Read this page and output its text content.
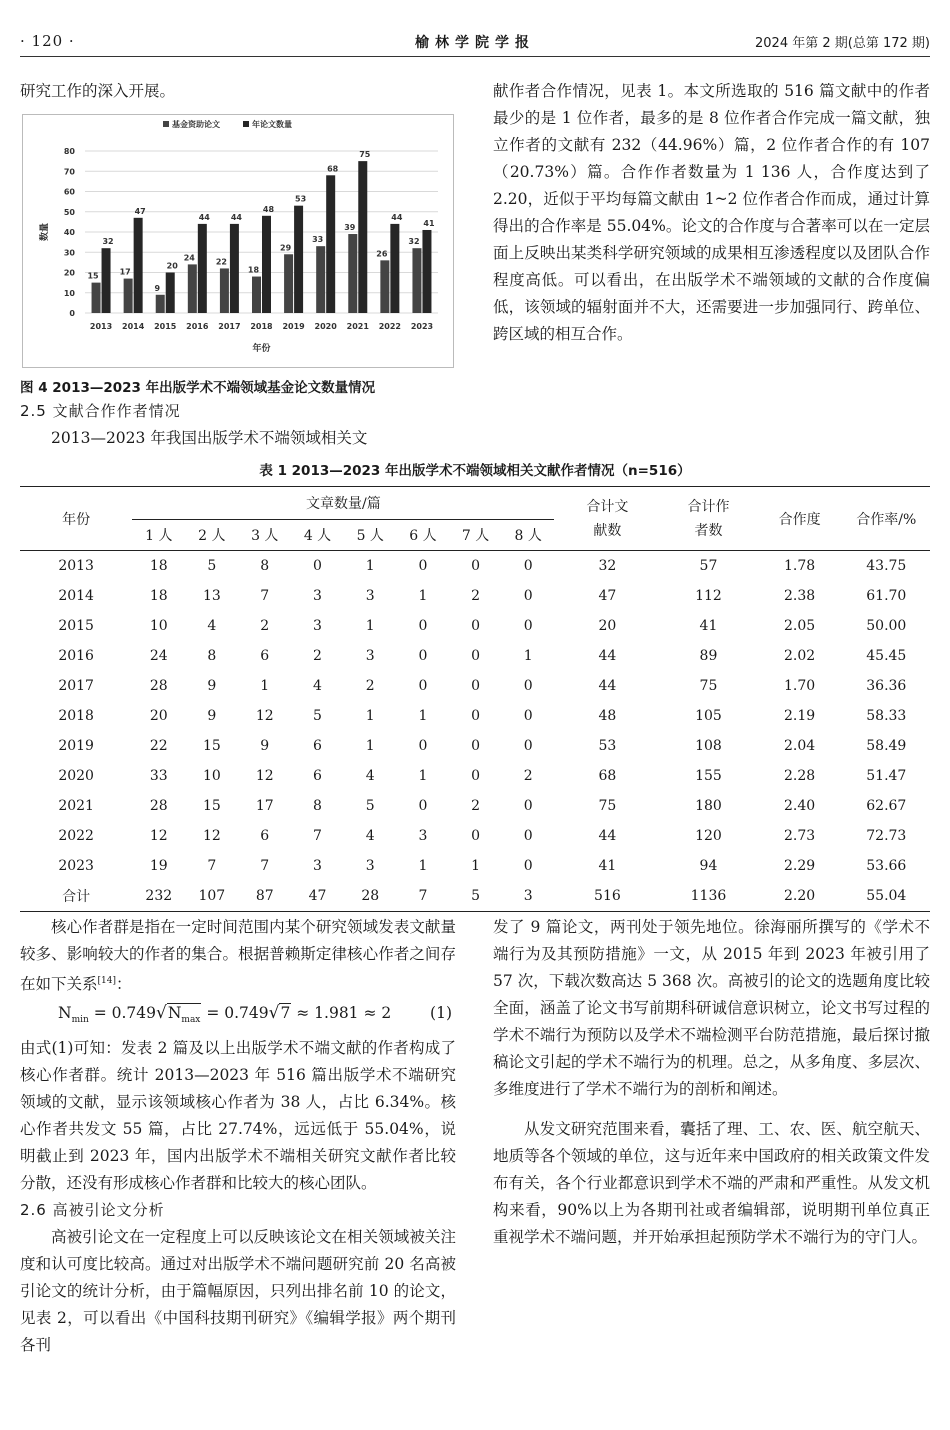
· 120 ·	榆林学院学报	2024 年第 2 期(总第 172 期)

研究工作的深入开展。

0
10
20
30
40
50
60
70
80
基金资助论文	年论文数量
数量
年份
15
32
2013
17
47
2014
9
20
2015
24
44
2016
22
44
2017
18
48
2018
29
53
2019
33
68
2020
39
75
2021
26
44
2022
32
41
2023
图 4 2013—2023 年出版学术不端领域基金论文数量情况

2.5 文献合作作者情况

2013—2023 年我国出版学术不端领域相关文

献作者合作情况，见表 1。本文所选取的 516 篇文献中的作者最少的是 1 位作者，最多的是 8 位作者合作完成一篇文献，独立作者的文献有 232（44.96%）篇，2 位作者合作的有 107（20.73%）篇。合作作者数量为 1 136 人，合作度达到了 2.20，近似于平均每篇文献由 1~2 位作者合作而成，通过计算得出的合作率是 55.04%。论文的合作度与合著率可以在一定层面上反映出某类科学研究领域的成果相互渗透程度以及团队合作程度高低。可以看出，在出版学术不端领域的文献的合作度偏低，该领域的辐射面并不大，还需要进一步加强同行、跨单位、跨区域的相互合作。

表 1 2013—2023 年出版学术不端领域相关文献作者情况（n=516）
年份	文章数量/篇								合计文献数	合计作者数	合作度	合作率/%
	1 人	2 人	3 人	4 人	5 人	6 人	7 人	8 人				
2013	18	5	8	0	1	0	0	0	32	57	1.78	43.75
2014	18	13	7	3	3	1	2	0	47	112	2.38	61.70
2015	10	4	2	3	1	0	0	0	20	41	2.05	50.00
2016	24	8	6	2	3	0	0	1	44	89	2.02	45.45
2017	28	9	1	4	2	0	0	0	44	75	1.70	36.36
2018	20	9	12	5	1	1	0	0	48	105	2.19	58.33
2019	22	15	9	6	1	0	0	0	53	108	2.04	58.49
2020	33	10	12	6	4	1	0	2	68	155	2.28	51.47
2021	28	15	17	8	5	0	2	0	75	180	2.40	62.67
2022	12	12	6	7	4	3	0	0	44	120	2.73	72.73
2023	19	7	7	3	3	1	1	0	41	94	2.29	53.66
合计	232	107	87	47	28	7	5	3	516	1136	2.20	55.04

核心作者群是指在一定时间范围内某个研究领域发表文献量较多、影响较大的作者的集合。根据普赖斯定律核心作者之间存在如下关系[14]：

$N_{min} = 0.749√N_{max} = 0.749√7 \approx 1.981 \approx 2$	(1)

由式(1)可知：发表 2 篇及以上出版学术不端文献的作者构成了核心作者群。统计 2013—2023 年 516 篇出版学术不端研究领域的文献，显示该领域核心作者为 38 人，占比 6.34%。核心作者共发文 55 篇，占比 27.74%，远远低于 55.04%，说明截止到 2023 年，国内出版学术不端相关研究文献作者比较分散，还没有形成核心作者群和比较大的核心团队。

2.6 高被引论文分析

高被引论文在一定程度上可以反映该论文在相关领域被关注度和认可度比较高。通过对出版学术不端问题研究前 20 名高被引论文的统计分析，由于篇幅原因，只列出排名前 10 的论文，见表 2，可以看出《中国科技期刊研究》《编辑学报》两个期刊各刊

发了 9 篇论文，两刊处于领先地位。徐海丽所撰写的《学术不端行为及其预防措施》一文，从 2015 年到 2023 年被引用了 57 次，下载次数高达 5 368 次。高被引的论文的选题角度比较全面，涵盖了论文书写前期科研诚信意识树立，论文书写过程的学术不端行为预防以及学术不端检测平台防范措施，最后探讨撤稿论文引起的学术不端行为的机理。总之，从多角度、多层次、多维度进行了学术不端行为的剖析和阐述。

从发文研究范围来看，囊括了理、工、农、医、航空航天、地质等各个领域的单位，这与近年来中国政府的相关政策文件发布有关，各个行业都意识到学术不端的严肃和严重性。从发文机构来看，90%以上为各期刊社或者编辑部，说明期刊单位真正重视学术不端问题，并开始承担起预防学术不端行为的守门人。
